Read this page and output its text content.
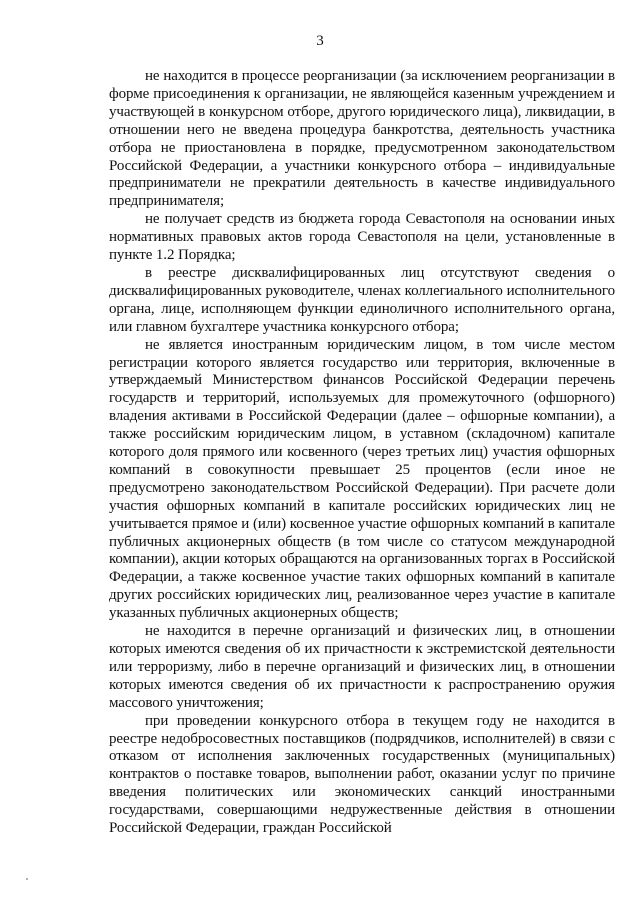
3

не находится в процессе реорганизации (за исключением реорганизации в форме присоединения к организации, не являющейся казенным учреждением и участвующей в конкурсном отборе, другого юридического лица), ликвидации, в отношении него не введена процедура банкротства, деятельность участника отбора не приостановлена в порядке, предусмотренном законодательством Российской Федерации, а участники конкурсного отбора – индивидуальные предприниматели не прекратили деятельность в качестве индивидуального предпринимателя;

не получает средств из бюджета города Севастополя на основании иных нормативных правовых актов города Севастополя на цели, установленные в пункте 1.2 Порядка;

в реестре дисквалифицированных лиц отсутствуют сведения о дисквалифицированных руководителе, членах коллегиального исполнительного органа, лице, исполняющем функции единоличного исполнительного органа, или главном бухгалтере участника конкурсного отбора;

не является иностранным юридическим лицом, в том числе местом регистрации которого является государство или территория, включенные в утверждаемый Министерством финансов Российской Федерации перечень государств и территорий, используемых для промежуточного (офшорного) владения активами в Российской Федерации (далее – офшорные компании), а также российским юридическим лицом, в уставном (складочном) капитале которого доля прямого или косвенного (через третьих лиц) участия офшорных компаний в совокупности превышает 25 процентов (если иное не предусмотрено законодательством Российской Федерации). При расчете доли участия офшорных компаний в капитале российских юридических лиц не учитывается прямое и (или) косвенное участие офшорных компаний в капитале публичных акционерных обществ (в том числе со статусом международной компании), акции которых обращаются на организованных торгах в Российской Федерации, а также косвенное участие таких офшорных компаний в капитале других российских юридических лиц, реализованное через участие в капитале указанных публичных акционерных обществ;

не находится в перечне организаций и физических лиц, в отношении которых имеются сведения об их причастности к экстремистской деятельности или терроризму, либо в перечне организаций и физических лиц, в отношении которых имеются сведения об их причастности к распространению оружия массового уничтожения;

при проведении конкурсного отбора в текущем году не находится в реестре недобросовестных поставщиков (подрядчиков, исполнителей) в связи с отказом от исполнения заключенных государственных (муниципальных) контрактов о поставке товаров, выполнении работ, оказании услуг по причине введения политических или экономических санкций иностранными государствами, совершающими недружественные действия в отношении Российской Федерации, граждан Российской
